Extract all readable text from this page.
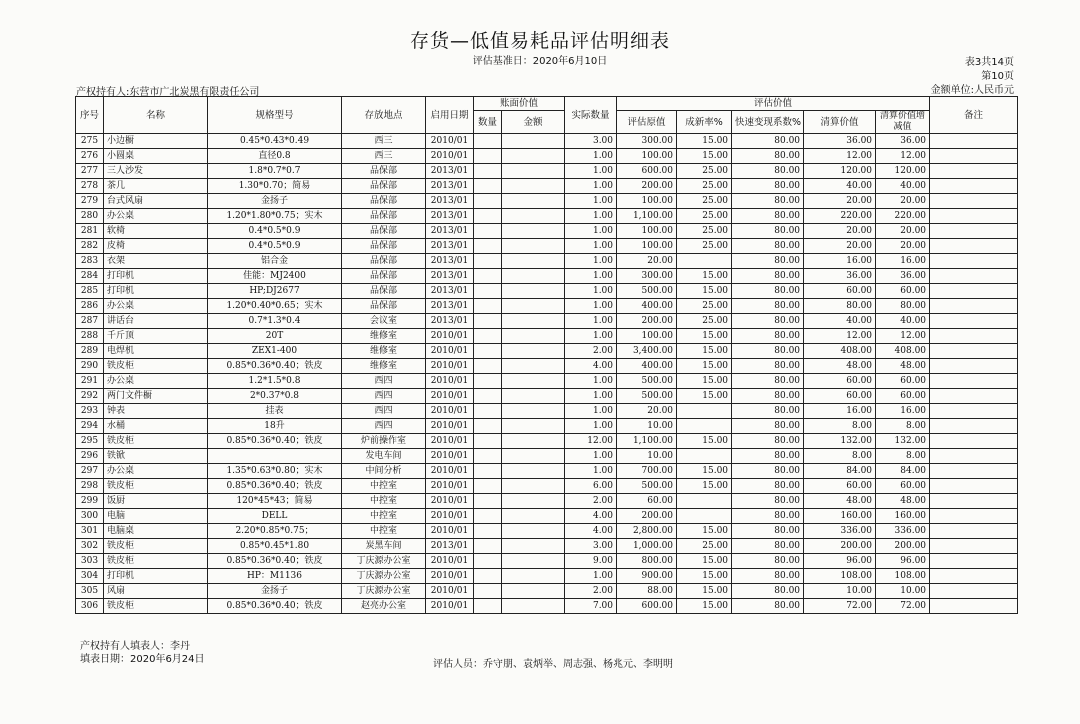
存货—低值易耗品评估明细表
评估基准日：2020年6月10日	表3共14页
第10页
金额单位:人民币元
产权持有人:东营市广北炭黑有限责任公司
序号	名称	规格型号	存放地点	启用日期	账面价值		实际数量	评估价值					备注
					数量	金额		评估原值	成新率%	快速变现系数%	清算价值	清算价值增减值	
275	小边橱	0.45*0.43*0.49	西三	2010/01			3.00	300.00	15.00	80.00	36.00	36.00	
276	小圆桌	直径0.8	西三	2010/01			1.00	100.00	15.00	80.00	12.00	12.00	
277	三人沙发	1.8*0.7*0.7	品保部	2013/01			1.00	600.00	25.00	80.00	120.00	120.00	
278	茶几	1.30*0.70；简易	品保部	2013/01			1.00	200.00	25.00	80.00	40.00	40.00	
279	台式风扇	金扬子	品保部	2013/01			1.00	100.00	25.00	80.00	20.00	20.00	
280	办公桌	1.20*1.80*0.75；实木	品保部	2013/01			1.00	1,100.00	25.00	80.00	220.00	220.00	
281	软椅	0.4*0.5*0.9	品保部	2013/01			1.00	100.00	25.00	80.00	20.00	20.00	
282	皮椅	0.4*0.5*0.9	品保部	2013/01			1.00	100.00	25.00	80.00	20.00	20.00	
283	衣架	铝合金	品保部	2013/01			1.00	20.00		80.00	16.00	16.00	
284	打印机	佳能：MJ2400	品保部	2013/01			1.00	300.00	15.00	80.00	36.00	36.00	
285	打印机	HP;DJ2677	品保部	2013/01			1.00	500.00	15.00	80.00	60.00	60.00	
286	办公桌	1.20*0.40*0.65；实木	品保部	2013/01			1.00	400.00	25.00	80.00	80.00	80.00	
287	讲话台	0.7*1.3*0.4	会议室	2013/01			1.00	200.00	25.00	80.00	40.00	40.00	
288	千斤顶	20T	维修室	2010/01			1.00	100.00	15.00	80.00	12.00	12.00	
289	电焊机	ZEX1-400	维修室	2010/01			2.00	3,400.00	15.00	80.00	408.00	408.00	
290	铁皮柜	0.85*0.36*0.40；铁皮	维修室	2010/01			4.00	400.00	15.00	80.00	48.00	48.00	
291	办公桌	1.2*1.5*0.8	西四	2010/01			1.00	500.00	15.00	80.00	60.00	60.00	
292	两门文件橱	2*0.37*0.8	西四	2010/01			1.00	500.00	15.00	80.00	60.00	60.00	
293	钟表	挂表	西四	2010/01			1.00	20.00		80.00	16.00	16.00	
294	水桶	18升	西四	2010/01			1.00	10.00		80.00	8.00	8.00	
295	铁皮柜	0.85*0.36*0.40；铁皮	炉前操作室	2010/01			12.00	1,100.00	15.00	80.00	132.00	132.00	
296	铁锨		发电车间	2010/01			1.00	10.00		80.00	8.00	8.00	
297	办公桌	1.35*0.63*0.80；实木	中间分析	2010/01			1.00	700.00	15.00	80.00	84.00	84.00	
298	铁皮柜	0.85*0.36*0.40；铁皮	中控室	2010/01			6.00	500.00	15.00	80.00	60.00	60.00	
299	饭厨	120*45*43；简易	中控室	2010/01			2.00	60.00		80.00	48.00	48.00	
300	电脑	DELL	中控室	2010/01			4.00	200.00		80.00	160.00	160.00	
301	电脑桌	2.20*0.85*0.75；	中控室	2010/01			4.00	2,800.00	15.00	80.00	336.00	336.00	
302	铁皮柜	0.85*0.45*1.80	炭黑车间	2013/01			3.00	1,000.00	25.00	80.00	200.00	200.00	
303	铁皮柜	0.85*0.36*0.40；铁皮	丁庆源办公室	2010/01			9.00	800.00	15.00	80.00	96.00	96.00	
304	打印机	HP：M1136	丁庆源办公室	2010/01			1.00	900.00	15.00	80.00	108.00	108.00	
305	风扇	金扬子	丁庆源办公室	2010/01			2.00	88.00	15.00	80.00	10.00	10.00	
306	铁皮柜	0.85*0.36*0.40；铁皮	赵亮办公室	2010/01			7.00	600.00	15.00	80.00	72.00	72.00	
产权持有人填表人：李丹
填表日期：2020年6月24日	评估人员：乔守朋、袁炳举、周志强、杨兆元、李明明
